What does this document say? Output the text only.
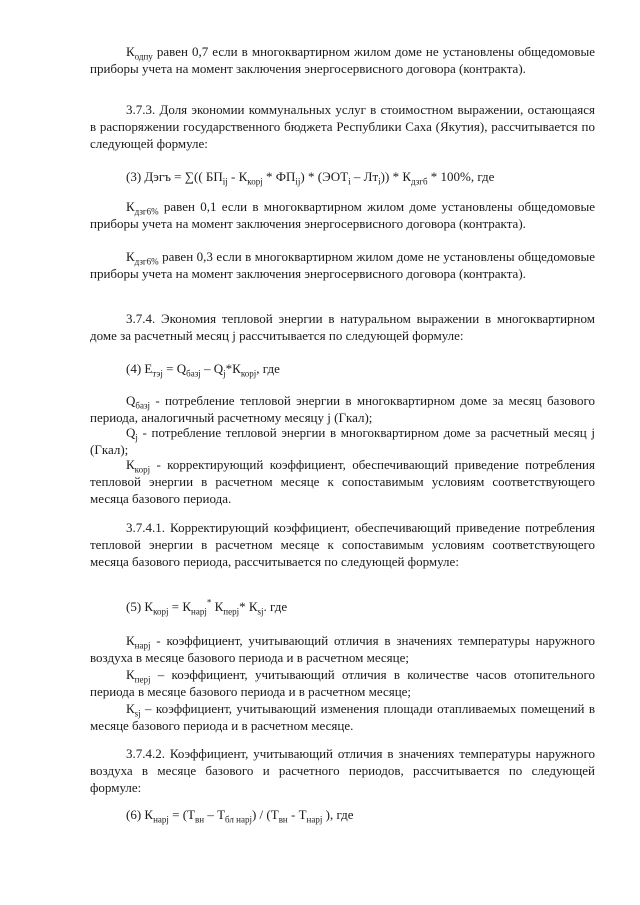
$К_{одпу}$ равен 0,7 если в многоквартирном жилом доме не установлены общедомовые приборы учета на момент заключения энергосервисного договора (контракта).
3.7.3. Доля экономии коммунальных услуг в стоимостном выражении, остающаяся в распоряжении государственного бюджета Республики Саха (Якутия), рассчитывается по следующей формуле:
(3) Дэгъ = ∑(( $БП_{ij} - К_{корj} * ФП_{ij}) * (ЭОТ_i - Лт_i)) * К_{дзгб} * 100\%$, где
$К_{дзг6\%}$ равен 0,1 если в многоквартирном жилом доме установлены общедомовые приборы учета на момент заключения энергосервисного договора (контракта).
$К_{дзг6\%}$ равен 0,3 если в многоквартирном жилом доме не установлены общедомовые приборы учета на момент заключения энергосервисного договора (контракта).
3.7.4. Экономия тепловой энергии в натуральном выражении в многоквартирном доме за расчетный месяц j рассчитывается по следующей формуле:
(4) $Е_{тэj} = Q_{базj} - Q_j*К_{корj}$, где
$Q_{базj}$ - потребление тепловой энергии в многоквартирном доме за месяц базового периода, аналогичный расчетному месяцу j (Гкал);
$Q_j$ - потребление тепловой энергии в многоквартирном доме за расчетный месяц j (Гкал);
$К_{корj}$ - корректирующий коэффициент, обеспечивающий приведение потребления тепловой энергии в расчетном месяце к сопоставимым условиям соответствующего месяца базового периода.
3.7.4.1. Корректирующий коэффициент, обеспечивающий приведение потребления тепловой энергии в расчетном месяце к сопоставимым условиям соответствующего месяца базового периода, рассчитывается по следующей формуле:
(5) $К_{корj} = К_{нарj}^*$ $К_{перj}*$ $К_{sj}$. где
$К_{нарj}$ - коэффициент, учитывающий отличия в значениях температуры наружного воздуха в месяце базового периода и в расчетном месяце;
$К_{перj}$ – коэффициент, учитывающий отличия в количестве часов отопительного периода в месяце базового периода и в расчетном месяце;
$К_{sj}$ – коэффициент, учитывающий изменения площади отапливаемых помещений в месяце базового периода и в расчетном месяце.
3.7.4.2. Коэффициент, учитывающий отличия в значениях температуры наружного воздуха в месяце базового и расчетного периодов, рассчитывается по следующей формуле:
(6) $К_{нарj} = (Т_{вн} - Т_{бл нарj}) / (Т_{вн} - Т_{нарj}$ ), где
